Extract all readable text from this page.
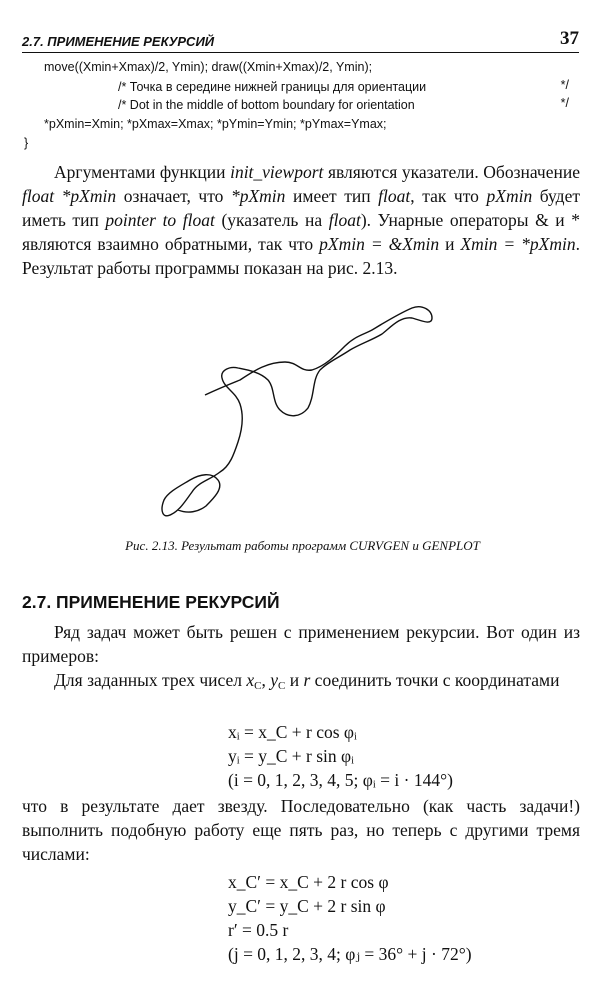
2.7. ПРИМЕНЕНИЕ РЕКУРСИЙ	37
move((Xmin+Xmax)/2, Ymin); draw((Xmin+Xmax)/2, Ymin);
/* Точка в середине нижней границы для ориентации	*/
/* Dot in the middle of bottom boundary for orientation	*/
*pXmin=Xmin; *pXmax=Xmax; *pYmin=Ymin; *pYmax=Ymax;
}
Аргументами функции init_viewport являются указатели. Обозначение float *pXmin означает, что *pXmin имеет тип float, так что pXmin будет иметь тип pointer to float (указатель на float). Унарные операторы & и * являются взаимно обратными, так что pXmin = &Xmin и Xmin = *pXmin. Результат работы программы показан на рис. 2.13.
Рис. 2.13. Результат работы программ CURVGEN и GENPLOT
2.7. ПРИМЕНЕНИЕ РЕКУРСИЙ
Ряд задач может быть решен с применением рекурсии. Вот один из примеров:
Для заданных трех чисел $x_C$, $y_C$ и r соединить точки с координатами
xᵢ = x_C + r cos φᵢ
yᵢ = y_C + r sin φᵢ
(i = 0, 1, 2, 3, 4, 5; φᵢ = i · 144°)
что в результате дает звезду. Последовательно (как часть задачи!) выполнить подобную работу еще пять раз, но теперь с другими тремя числами:
x_C′ = x_C + 2 r cos φ
y_C′ = y_C + 2 r sin φ
r′ = 0.5 r
(j = 0, 1, 2, 3, 4; φⱼ = 36° + j · 72°)
